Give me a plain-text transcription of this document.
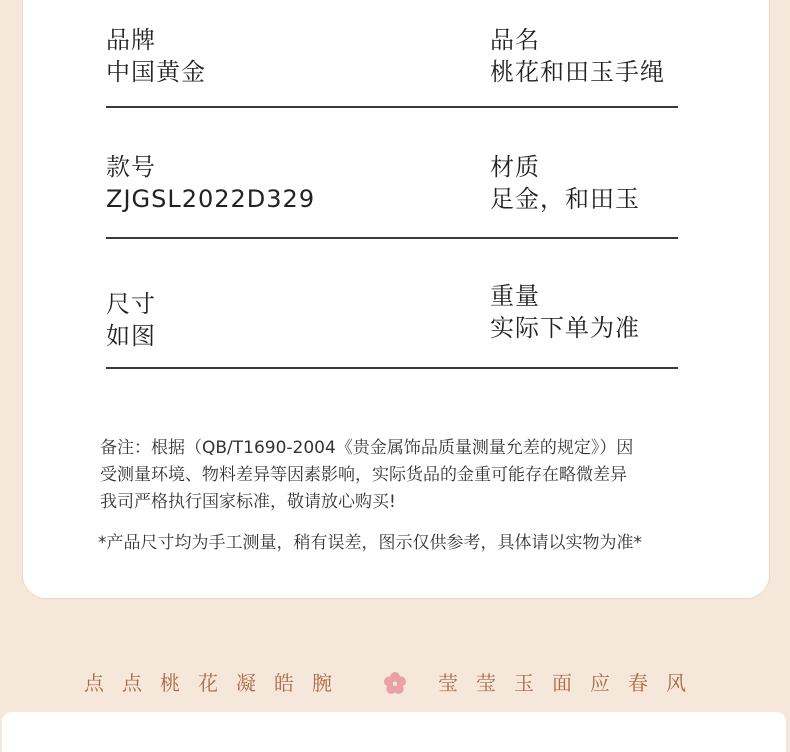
品牌
中国黄金
品名
桃花和田玉手绳
款号
ZJGSL2022D329
材质
足金，和田玉
尺寸
如图
重量
实际下单为准
备注：根据（QB/T1690-2004《贵金属饰品质量测量允差的规定》）因
受测量环境、物料差异等因素影响，实际货品的金重可能存在略微差异
我司严格执行国家标准，敬请放心购买!
*产品尺寸均为手工测量，稍有误差，图示仅供参考，具体请以实物为准*
点点桃花凝皓腕	莹莹玉面应春风
